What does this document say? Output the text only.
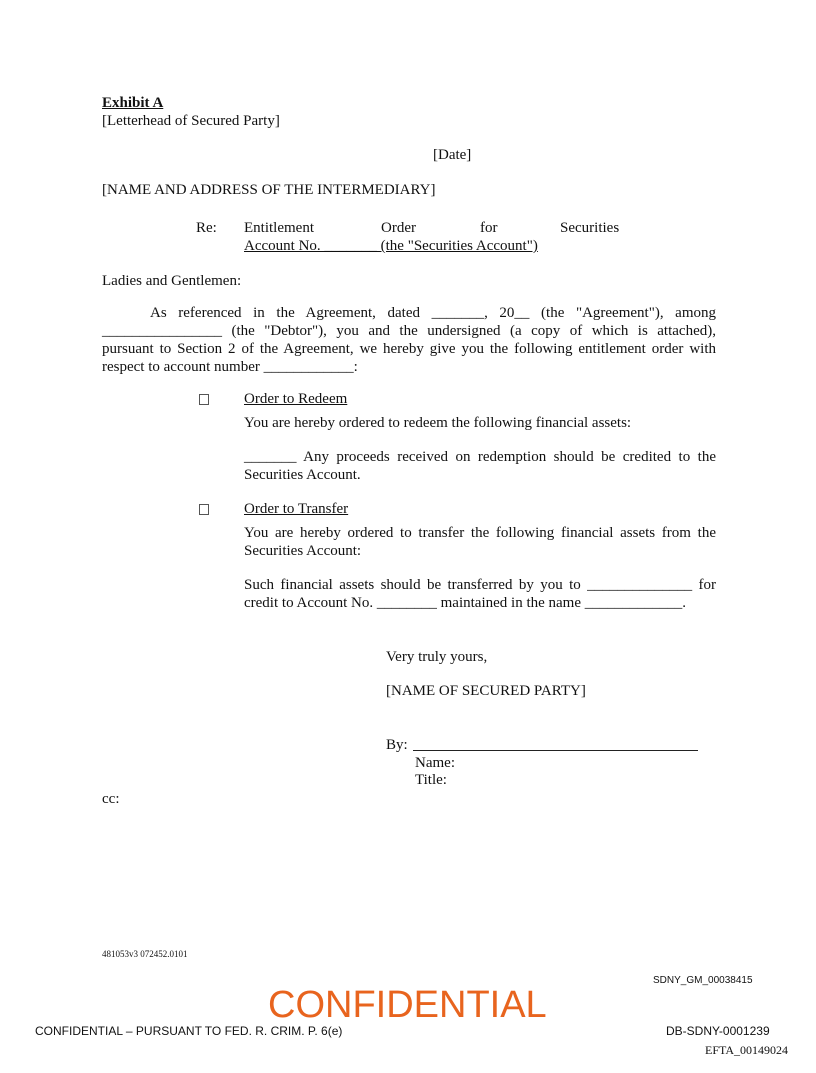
Exhibit A
[Letterhead of Secured Party]
[Date]
[NAME AND ADDRESS OF THE INTERMEDIARY]
Re: Entitlement	Order	for	Securities
Account No. _______ (the "Securities Account")
Ladies and Gentlemen:
As referenced in the Agreement, dated _______, 20__ (the "Agreement"), among
________________ (the "Debtor"), you and the undersigned (a copy of which is attached),
pursuant to Section 2 of the Agreement, we hereby give you the following entitlement order with
respect to account number ____________:
Order to Redeem
You are hereby ordered to redeem the following financial assets:
_______ Any proceeds received on redemption should be credited to the
Securities Account.
Order to Transfer
You are hereby ordered to transfer the following financial assets from the
Securities Account:
Such financial assets should be transferred by you to ______________ for
credit to Account No. ________ maintained in the name _____________.
Very truly yours,
[NAME OF SECURED PARTY]
By:
Name:
Title:
cc:
481053v3 072452.0101
SDNY_GM_00038415
CONFIDENTIAL
CONFIDENTIAL – PURSUANT TO FED. R. CRIM. P. 6(e)	DB-SDNY-0001239
EFTA_00149024
